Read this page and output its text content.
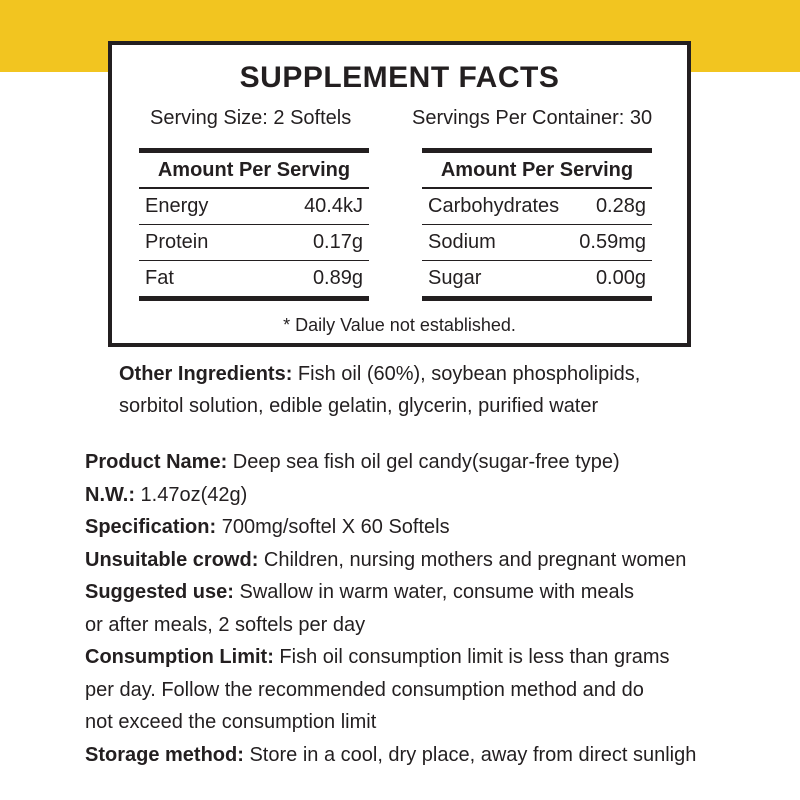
SUPPLEMENT FACTS
Serving Size: 2 Softels	Servings Per Container: 30
Amount Per Serving
Energy	40.4kJ
Protein	0.17g
Fat	0.89g
Amount Per Serving
Carbohydrates 0.28g
Sodium	0.59mg
Sugar	0.00g
* Daily Value not established.
Other Ingredients: Fish oil (60%), soybean phospholipids,
sorbitol solution, edible gelatin, glycerin, purified water

Product Name: Deep sea fish oil gel candy(sugar-free type)

N.W.: 1.47oz(42g)

Specification: 700mg/softel X 60 Softels

Unsuitable crowd: Children, nursing mothers and pregnant women

Suggested use: Swallow in warm water, consume with meals

or after meals, 2 softels per day

Consumption Limit: Fish oil consumption limit is less than grams

per day. Follow the recommended consumption method and do

not exceed the consumption limit

Storage method: Store in a cool, dry place, away from direct sunligh
